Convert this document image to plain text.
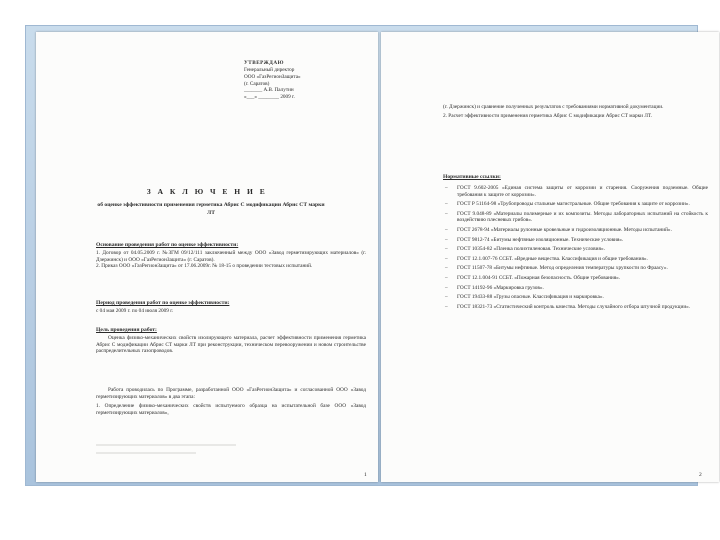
УТВЕРЖДАЮ
Генеральный директор
ООО «ГазРегионЗащита»
(г. Саратов)
_______ А.В. Палутин
«___» ________ 2009 г.
З А К Л Ю Ч Е Н И Е
об оценке эффективности применения герметика Абрис С модификации Абрис СТ марки ЛТ
Основание проведения работ по оценке эффективности:
1. Договор от 04.05.2009 г. №ЗГМ 09/12/111 заключенный между ООО «Завод герметизирующих материалов» (г. Дзержинск) и ООО «ГазРегионЗащита» (г. Саратов).
2. Приказ ООО «ГазРегионЗащита» от 17.06.2009г. № 18-15 о проведении тестовых испытаний.
Период проведения работ по оценке эффективности:
с 04 мая 2009 г. по 04 июля 2009 г.
Цель проведения работ:
Оценка физико-механических свойств изолирующего материала, расчет эффективности применения герметика Абрис С модификации Абрис СТ марки ЛТ при реконструкции, техническом перевооружении и новом строительстве распределительных газопроводов.
Работа проводилась по Программе, разработанной ООО «ГазРегионЗащита» и согласованной ООО «Завод герметизирующих материалов» в два этапа:
1. Определение физико-механических свойств испытуемого образца на испытательной базе ООО «Завод герметизирующих материалов»,
1
(г. Дзержинск) и сравнение полученных результатов с требованиями нормативной документации.
2. Расчет эффективности применения герметика Абрис С модификации Абрис СТ марки ЛТ.
Нормативные ссылки:
– ГОСТ 9.602-2005 «Единая система защиты от коррозии и старения. Сооружения подземные. Общие требования к защите от коррозии».
– ГОСТ Р 51164-98 «Трубопроводы стальные магистральные. Общие требования к защите от коррозии».
– ГОСТ 9.048-89 «Материалы полимерные и их композиты. Методы лабораторных испытаний на стойкость к воздействию плесневых грибов».
– ГОСТ 2678-94 «Материалы рулонные кровельные и гидроизоляционные. Методы испытаний».
– ГОСТ 9812-74 «Битумы нефтяные изоляционные. Технические условия».
– ГОСТ 10354-82 «Пленка полиэтиленовая. Технические условия».
– ГОСТ 12.1.007-76 ССБТ. «Вредные вещества. Классификация и общие требования».
– ГОСТ 11507-78 «Битумы нефтяные. Метод определения температуры хрупкости по Фраасу».
– ГОСТ 12.1.004-91 ССБТ. «Пожарная безопасность. Общие требования».
– ГОСТ 14192-96 «Маркировка грузов».
– ГОСТ 19433-88 «Грузы опасные. Классификация и маркировка».
– ГОСТ 18321-73 «Статистический контроль качества. Методы случайного отбора штучной продукции».
2
